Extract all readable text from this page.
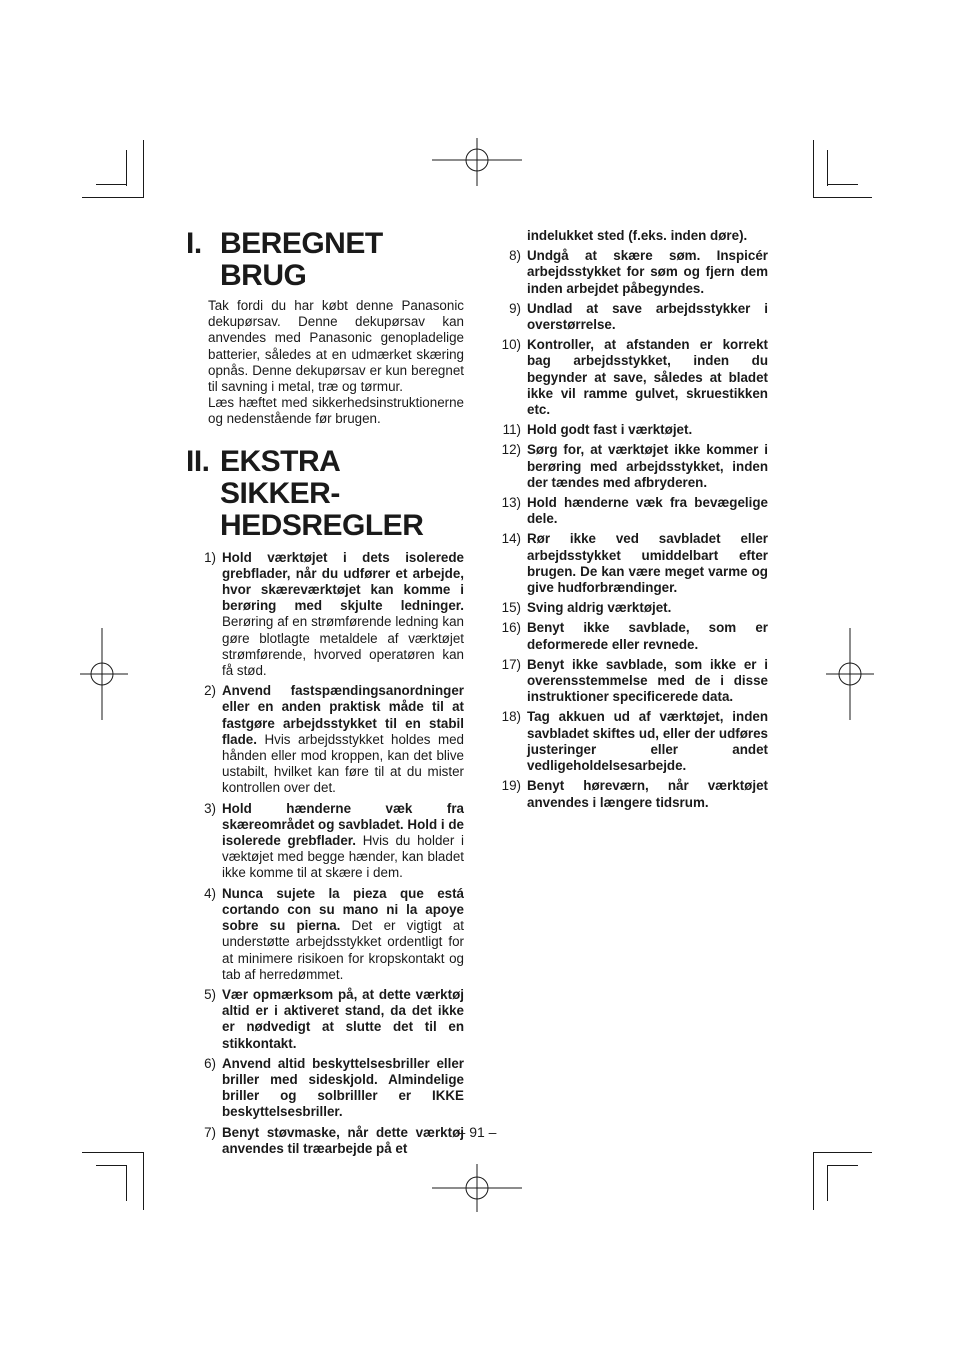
I. BEREGNET BRUG

Tak fordi du har købt denne Panasonic dekupørsav. Denne dekupørsav kan anvendes med Panasonic genopladelige batterier, således at en udmærket skæring opnås. Denne dekupørsav er kun beregnet til savning i metal, træ og tørmur.

Læs hæftet med sikkerhedsinstruktionerne og nedenstående før brugen.

II. EKSTRA SIKKER-
HEDSREGLER
1) Hold værktøjet i dets isolerede grebflader, når du udfører et arbejde, hvor skæreværktøjet kan komme i berøring med skjulte ledninger. Berøring af en strømførende ledning kan gøre blotlagte metaldele af værktøjet strømførende, hvorved operatøren kan få stød.
2) Anvend fastspændingsanordninger eller en anden praktisk måde til at fastgøre arbejdsstykket til en stabil flade. Hvis arbejdsstykket holdes med hånden eller mod kroppen, kan det blive ustabilt, hvilket kan føre til at du mister kontrollen over det.
3) Hold hænderne væk fra skæreområdet og savbladet. Hold i de isolerede grebflader. Hvis du holder i væktøjet med begge hænder, kan bladet ikke komme til at skære i dem.
4) Nunca sujete la pieza que está cortando con su mano ni la apoye sobre su pierna. Det er vigtigt at understøtte arbejdsstykket ordentligt for at minimere risikoen for kropskontakt og tab af herredømmet.
5) Vær opmærksom på, at dette værktøj altid er i aktiveret stand, da det ikke er nødvedigt at slutte det til en stikkontakt.
6) Anvend altid beskyttelsesbriller eller briller med sideskjold. Almindelige briller og solbrilller er IKKE beskyttelsesbriller.
7) Benyt støvmaske, når dette værktøj anvendes til træarbejde på et
indelukket sted (f.eks. inden døre).
8) Undgå at skære søm. Inspicér arbejdsstykket for søm og fjern dem inden arbejdet påbegyndes.
9) Undlad at save arbejdsstykker i overstørrelse.
10) Kontroller, at afstanden er korrekt bag arbejdsstykket, inden du begynder at save, således at bladet ikke vil ramme gulvet, skruestikken etc.
11) Hold godt fast i værktøjet.
12) Sørg for, at værktøjet ikke kommer i berøring med arbejdsstykket, inden der tændes med afbryderen.
13) Hold hænderne væk fra bevægelige dele.
14) Rør ikke ved savbladet eller arbejdsstykket umiddelbart efter brugen. De kan være meget varme og give hudforbrændinger.
15) Sving aldrig værktøjet.
16) Benyt ikke savblade, som er deformerede eller revnede.
17) Benyt ikke savblade, som ikke er i overensstemmelse med de i disse instruktioner specificerede data.
18) Tag akkuen ud af værktøjet, inden savbladet skiftes ud, eller der udføres justeringer eller andet vedligeholdelsesarbejde.
19) Benyt høreværn, når værktøjet anvendes i længere tidsrum.
– 91 –
